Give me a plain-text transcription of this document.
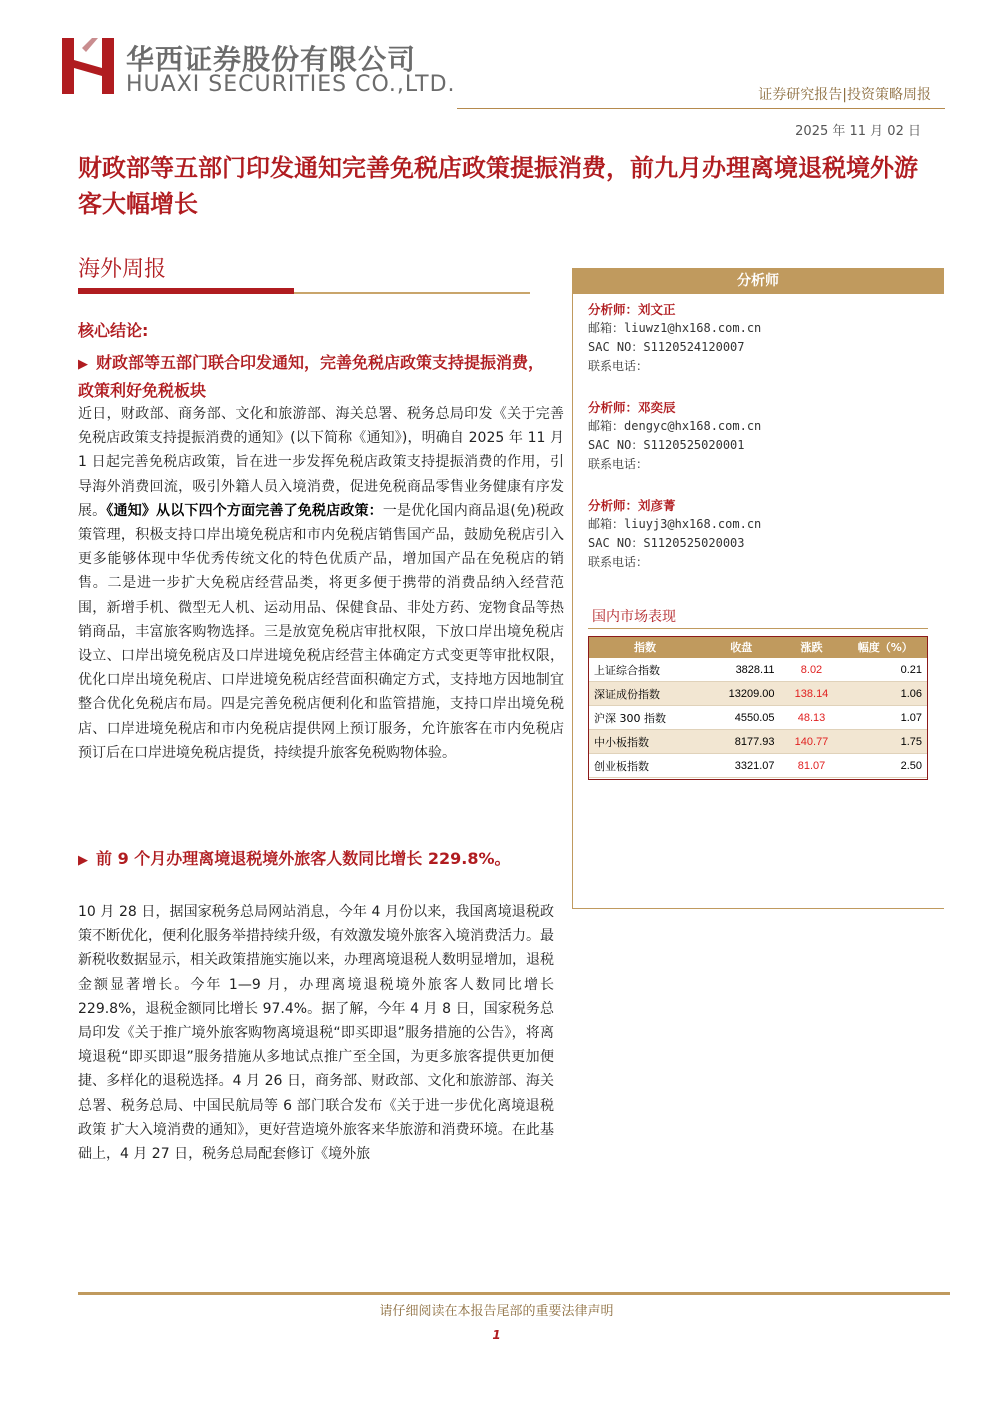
华西证券股份有限公司
HUAXI SECURITIES CO.,LTD.	证券研究报告|投资策略周报
2025 年 11 月 02 日
财政部等五部门印发通知完善免税店政策提振消费，前九月办理离境退税境外游客大幅增长
海外周报
核心结论:
▶ 财政部等五部门联合印发通知，完善免税店政策支持提振消费，政策利好免税板块
近日，财政部、商务部、文化和旅游部、海关总署、税务总局印发《关于完善免税店政策支持提振消费的通知》(以下简称《通知》)，明确自 2025 年 11 月 1 日起完善免税店政策，旨在进一步发挥免税店政策支持提振消费的作用，引导海外消费回流，吸引外籍人员入境消费，促进免税商品零售业务健康有序发展。《通知》从以下四个方面完善了免税店政策：一是优化国内商品退(免)税政策管理，积极支持口岸出境免税店和市内免税店销售国产品，鼓励免税店引入更多能够体现中华优秀传统文化的特色优质产品，增加国产品在免税店的销售。二是进一步扩大免税店经营品类，将更多便于携带的消费品纳入经营范围，新增手机、微型无人机、运动用品、保健食品、非处方药、宠物食品等热销商品，丰富旅客购物选择。三是放宽免税店审批权限，下放口岸出境免税店设立、口岸出境免税店及口岸进境免税店经营主体确定方式变更等审批权限，优化口岸出境免税店、口岸进境免税店经营面积确定方式，支持地方因地制宜整合优化免税店布局。四是完善免税店便利化和监管措施，支持口岸出境免税店、口岸进境免税店和市内免税店提供网上预订服务，允许旅客在市内免税店预订后在口岸进境免税店提货，持续提升旅客免税购物体验。
▶ 前 9 个月办理离境退税境外旅客人数同比增长 229.8%。
10 月 28 日，据国家税务总局网站消息，今年 4 月份以来，我国离境退税政策不断优化，便利化服务举措持续升级，有效激发境外旅客入境消费活力。最新税收数据显示，相关政策措施实施以来，办理离境退税人数明显增加，退税金额显著增长。今年 1—9 月，办理离境退税境外旅客人数同比增长 229.8%，退税金额同比增长 97.4%。据了解，今年 4 月 8 日，国家税务总局印发《关于推广境外旅客购物离境退税“即买即退”服务措施的公告》，将离境退税“即买即退”服务措施从多地试点推广至全国，为更多旅客提供更加便捷、多样化的退税选择。4 月 26 日，商务部、财政部、文化和旅游部、海关总署、税务总局、中国民航局等 6 部门联合发布《关于进一步优化离境退税政策 扩大入境消费的通知》，更好营造境外旅客来华旅游和消费环境。在此基础上，4 月 27 日，税务总局配套修订《境外旅
分析师
分析师：刘文正
邮箱：liuwz1@hx168.com.cn
SAC NO：S1120524120007
联系电话：
分析师：邓奕辰
邮箱：dengyc@hx168.com.cn
SAC NO：S1120525020001
联系电话：
分析师：刘彦菁
邮箱：liuyj3@hx168.com.cn
SAC NO：S1120525020003
联系电话：
国内市场表现
指数	收盘	涨跌	幅度（%）
上证综合指数	3828.11	8.02	0.21
深证成份指数	13209.00	138.14	1.06
沪深 300 指数	4550.05	48.13	1.07
中小板指数	8177.93	140.77	1.75
创业板指数	3321.07	81.07	2.50
请仔细阅读在本报告尾部的重要法律声明
1
